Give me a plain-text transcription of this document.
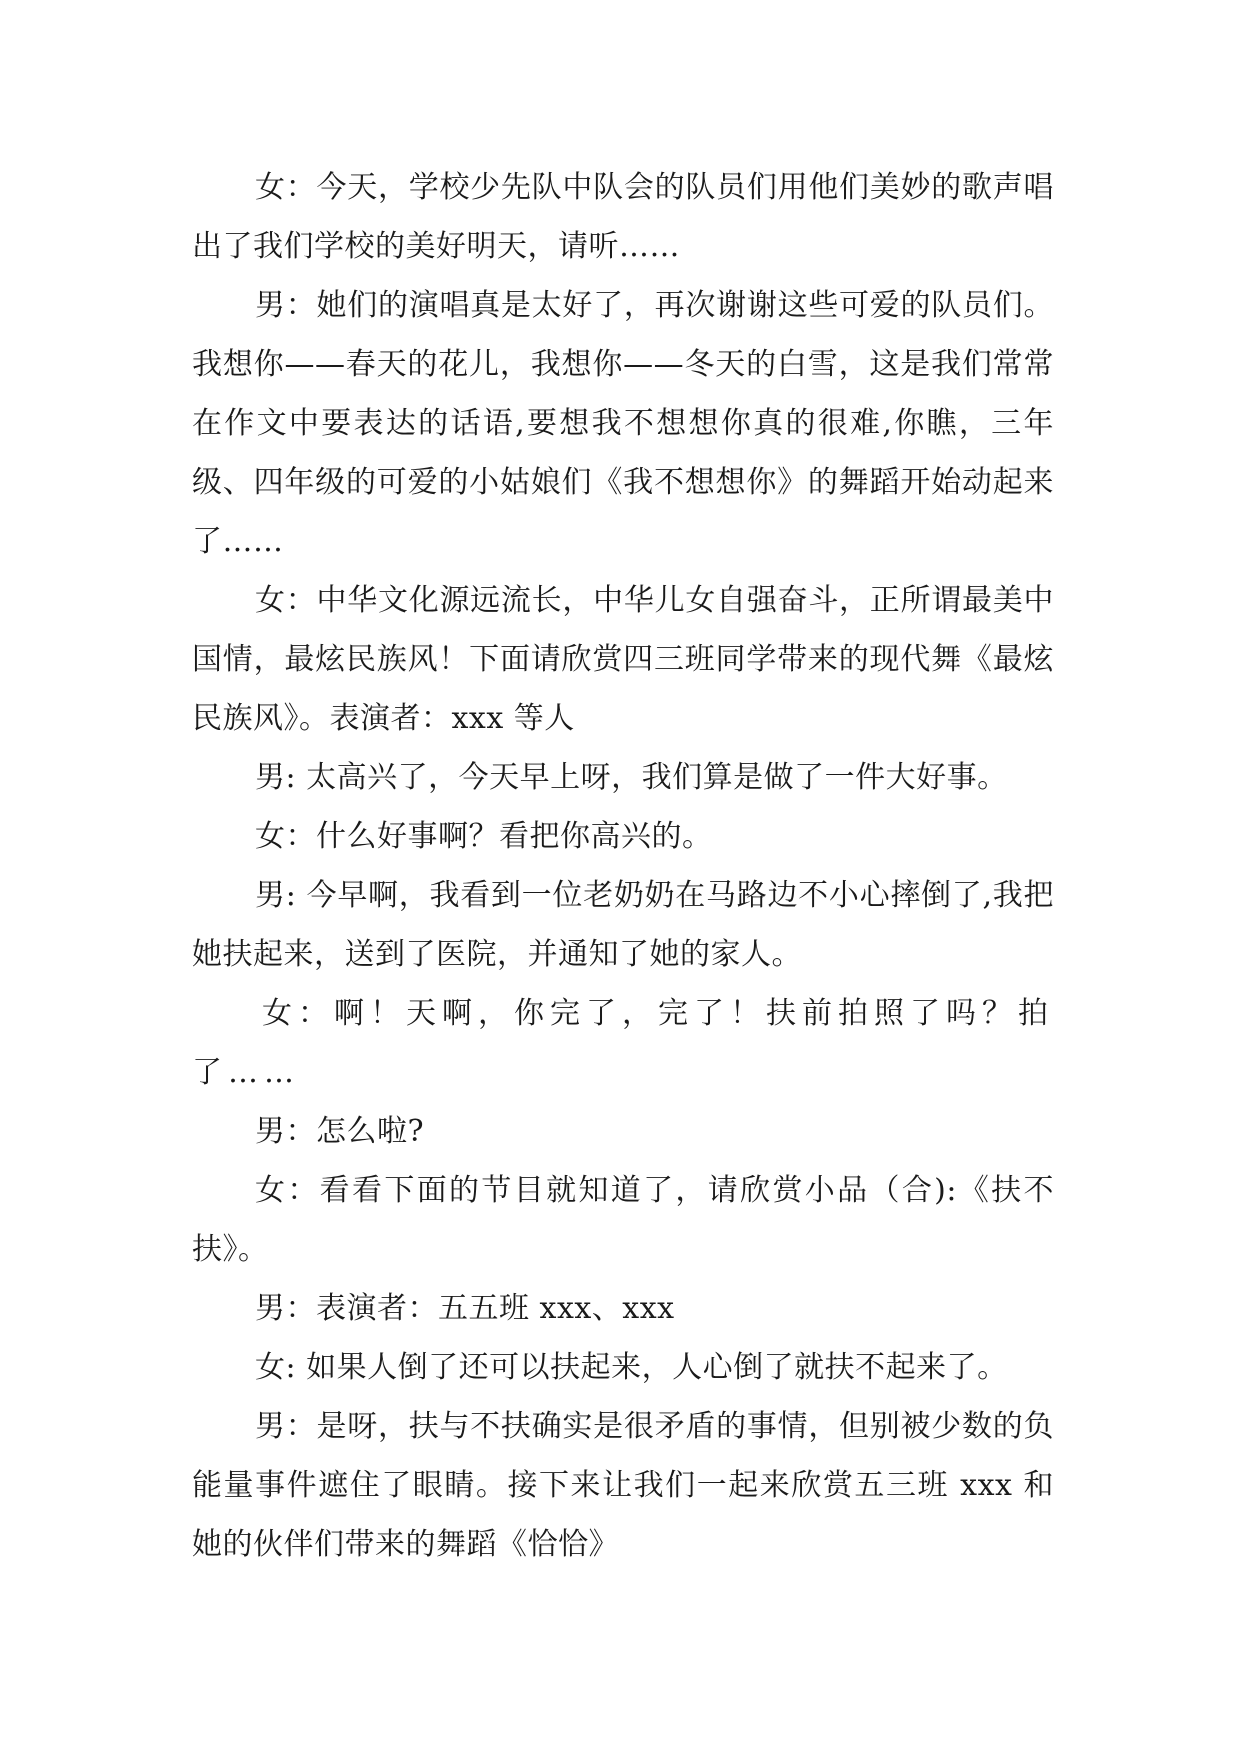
女：今天，学校少先队中队会的队员们用他们美妙的歌声唱出了我们学校的美好明天，请听……

男：她们的演唱真是太好了，再次谢谢这些可爱的队员们。我想你——春天的花儿，我想你——冬天的白雪，这是我们常常在作文中要表达的话语,要想我不想想你真的很难,你瞧，三年级、四年级的可爱的小姑娘们《我不想想你》的舞蹈开始动起来了……

女：中华文化源远流长，中华儿女自强奋斗，正所谓最美中国情，最炫民族风！下面请欣赏四三班同学带来的现代舞《最炫民族风》。表演者：xxx 等人

男: 太高兴了，今天早上呀，我们算是做了一件大好事。

女：什么好事啊？看把你高兴的。

男: 今早啊，我看到一位老奶奶在马路边不小心摔倒了,我把她扶起来，送到了医院，并通知了她的家人。

女：啊！天啊，你完了，完了！扶前拍照了吗？拍了……

男：怎么啦?

女：看看下面的节目就知道了，请欣赏小品（合):《扶不扶》。

男：表演者：五五班 xxx、xxx

女: 如果人倒了还可以扶起来，人心倒了就扶不起来了。

男：是呀，扶与不扶确实是很矛盾的事情，但别被少数的负能量事件遮住了眼睛。接下来让我们一起来欣赏五三班 xxx 和她的伙伴们带来的舞蹈《恰恰》
